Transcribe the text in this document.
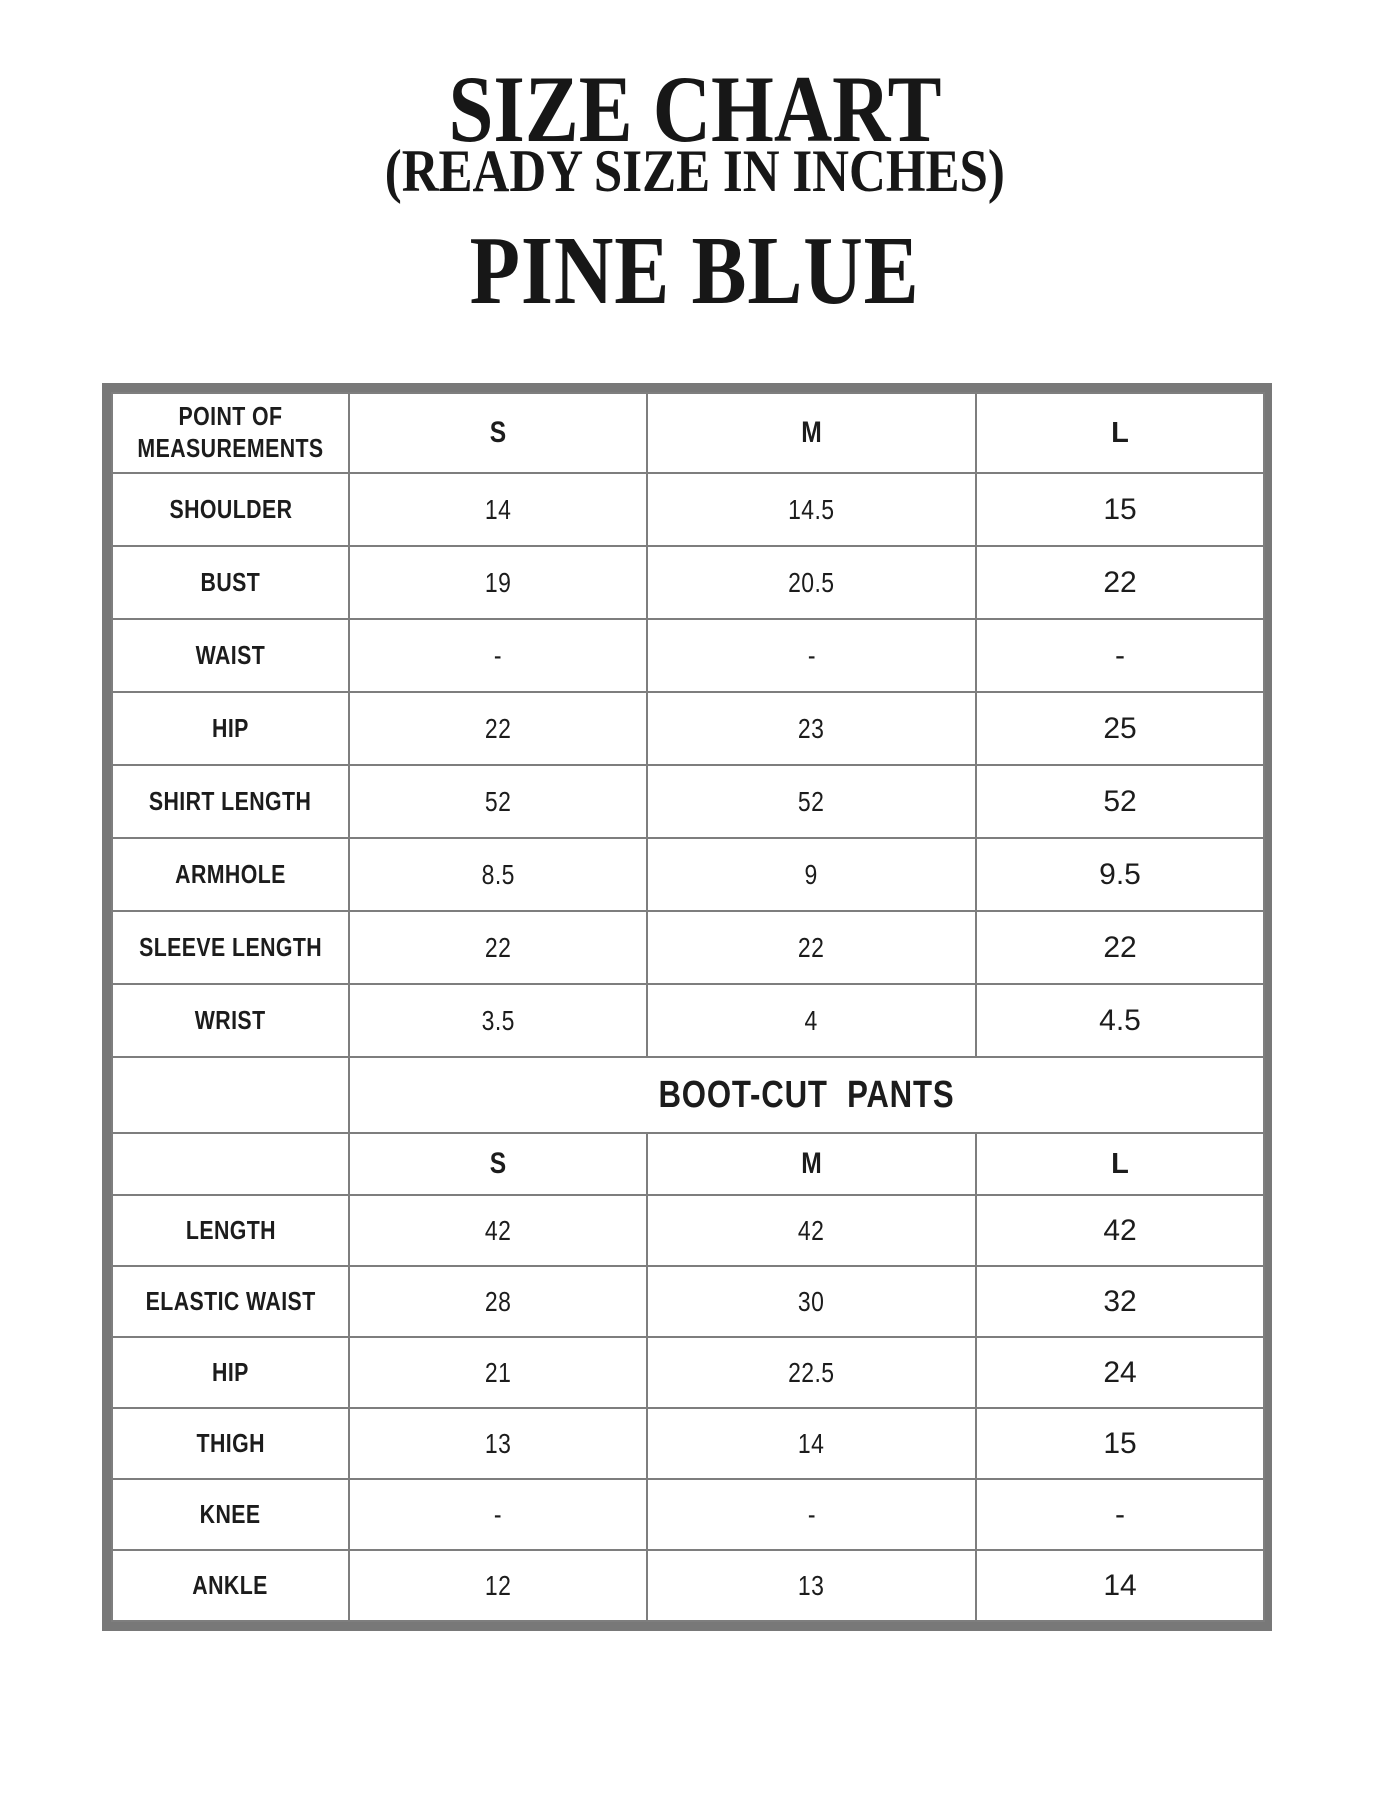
SIZE CHART
(READY SIZE IN INCHES)
PINE BLUE
POINT OF MEASUREMENTS	S	M	L
SHOULDER	14	14.5	15
BUST	19	20.5	22
WAIST	-	-	-
HIP	22	23	25
SHIRT LENGTH	52	52	52
ARMHOLE	8.5	9	9.5
SLEEVE LENGTH	22	22	22
WRIST	3.5	4	4.5
	BOOT-CUT PANTS		
	S	M	L
LENGTH	42	42	42
ELASTIC WAIST	28	30	32
HIP	21	22.5	24
THIGH	13	14	15
KNEE	-	-	-
ANKLE	12	13	14
